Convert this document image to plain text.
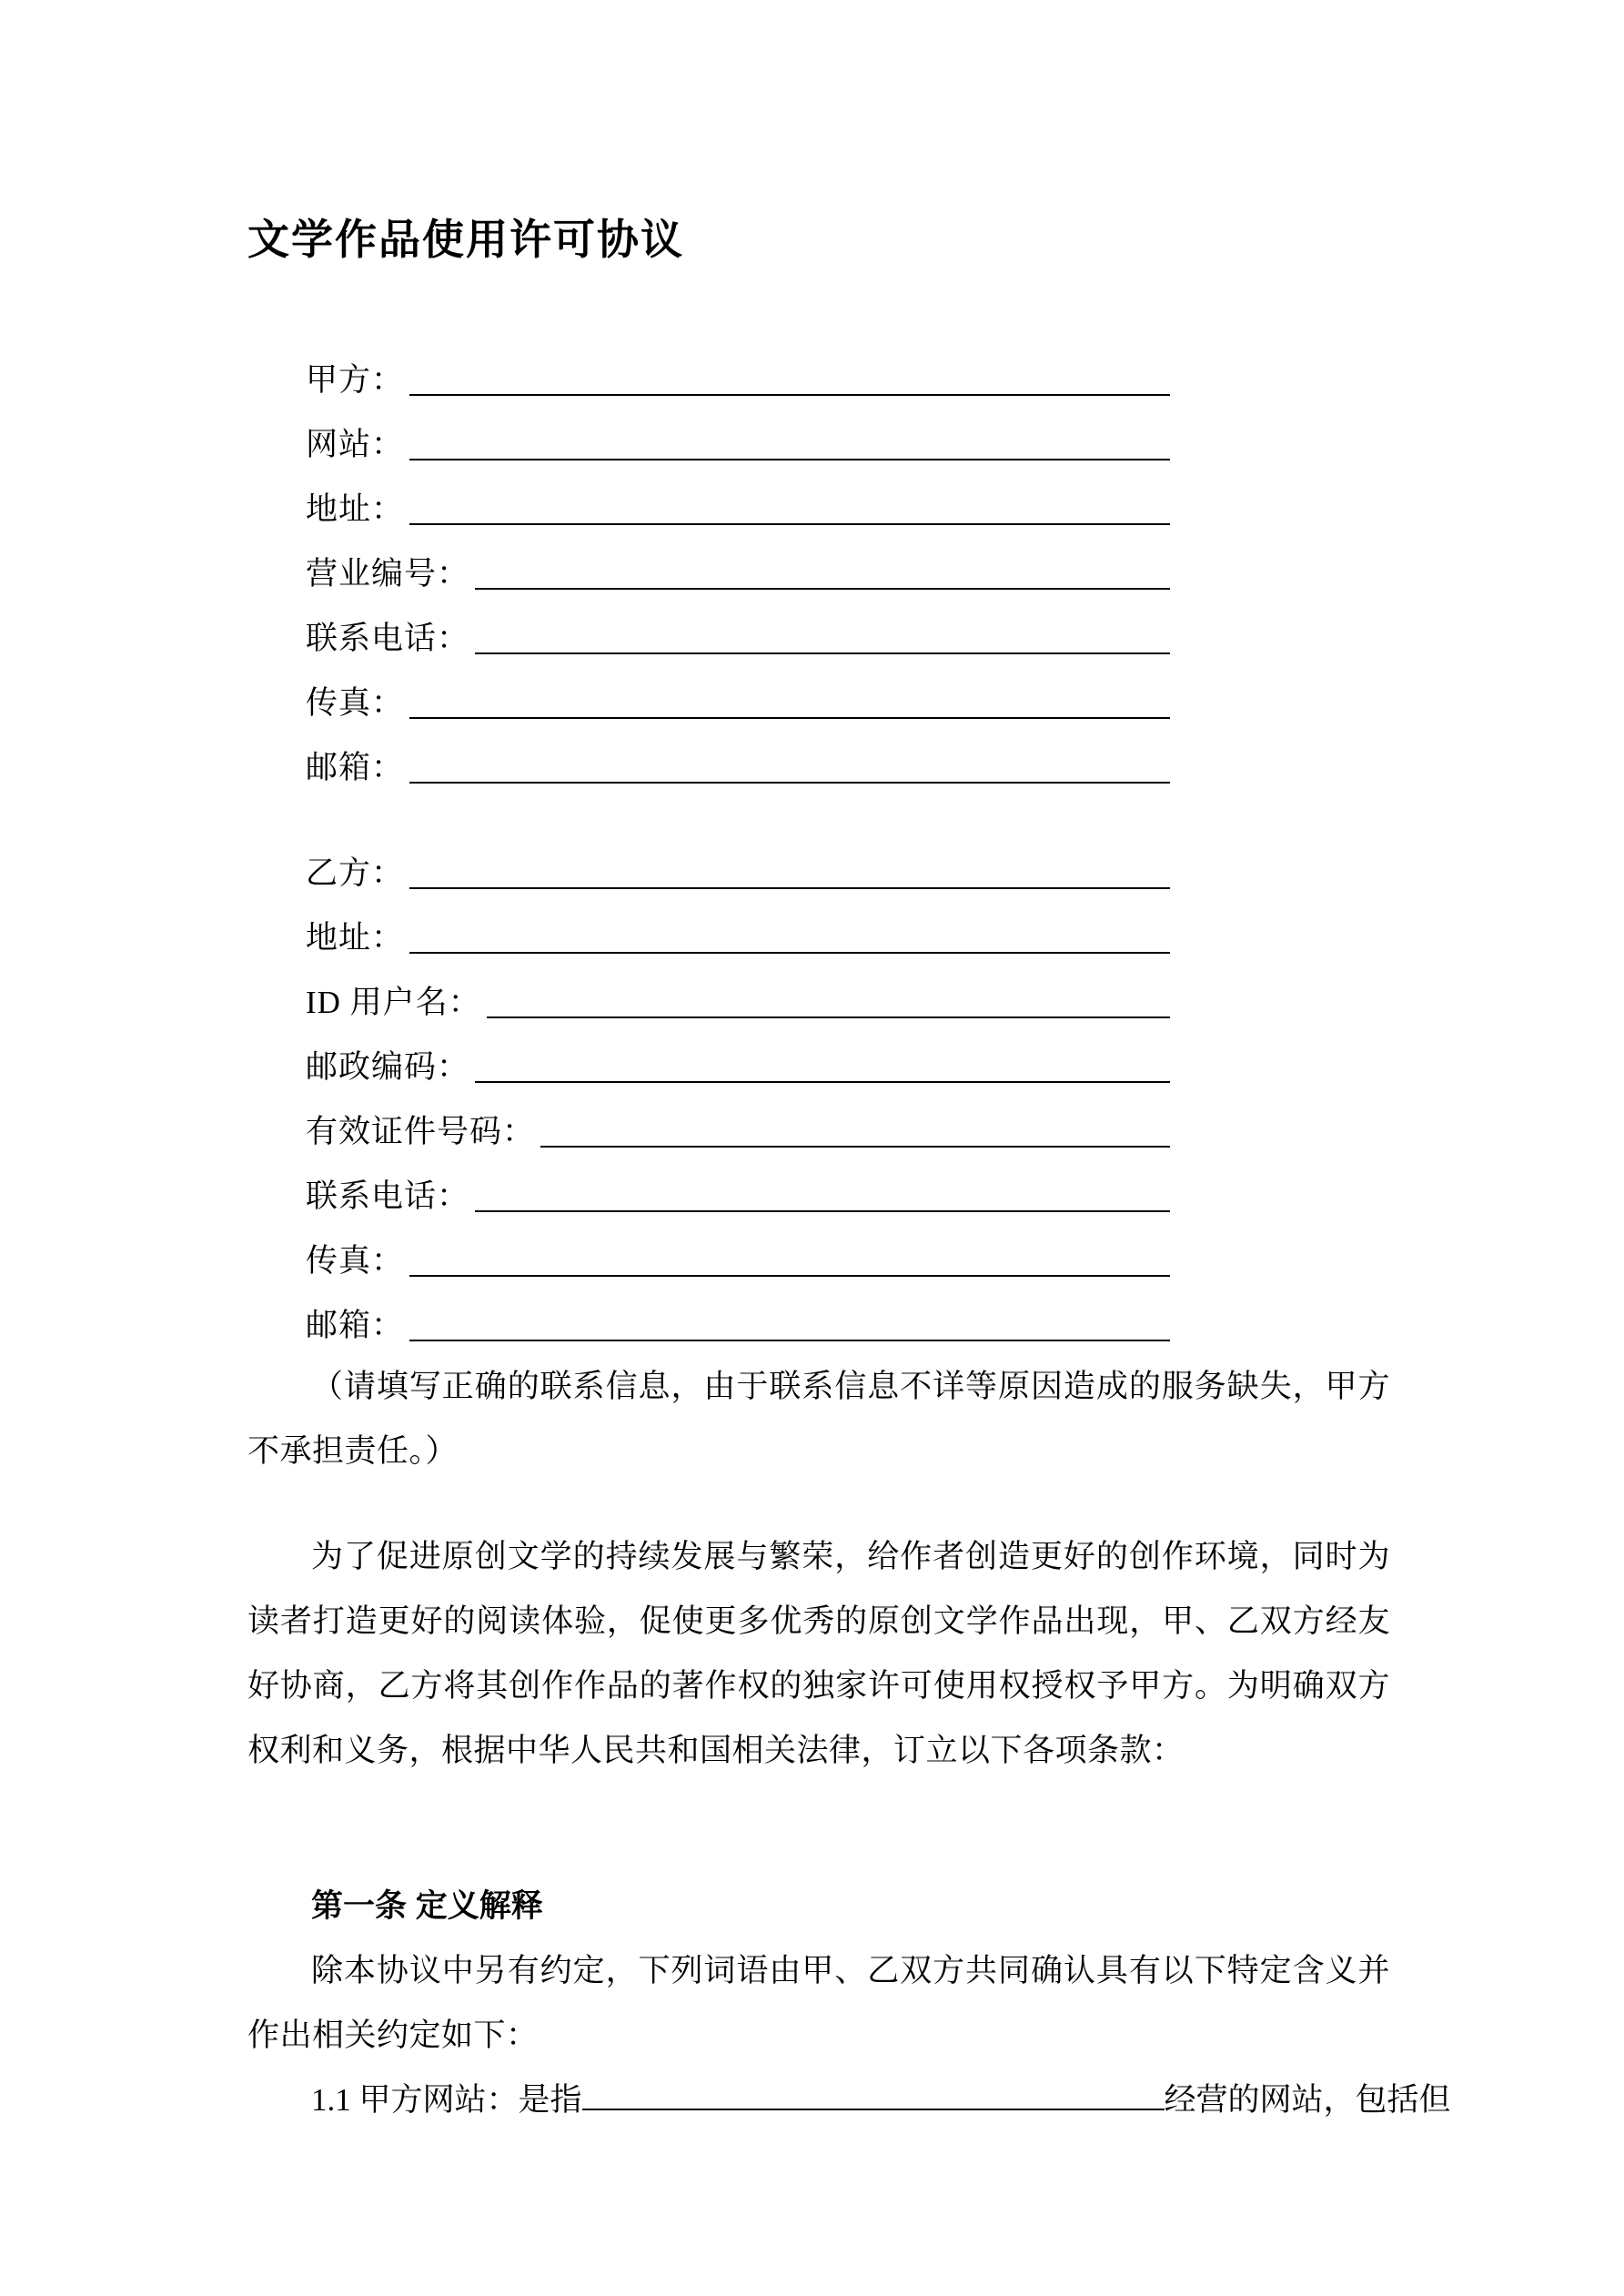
文学作品使用许可协议
甲方：
网站：
地址：
营业编号：
联系电话：
传真：
邮箱：
乙方：
地址：
ID 用户名：
邮政编码：
有效证件号码：
联系电话：
传真：
邮箱：

（请填写正确的联系信息，由于联系信息不详等原因造成的服务缺失，甲方不承担责任。）

为了促进原创文学的持续发展与繁荣，给作者创造更好的创作环境，同时为读者打造更好的阅读体验，促使更多优秀的原创文学作品出现，甲、乙双方经友好协商，乙方将其创作作品的著作权的独家许可使用权授权予甲方。为明确双方权利和义务，根据中华人民共和国相关法律，订立以下各项条款：

第一条 定义解释

除本协议中另有约定，下列词语由甲、乙双方共同确认具有以下特定含义并作出相关约定如下：

1.1 甲方网站：是指	经营的网站，包括但
